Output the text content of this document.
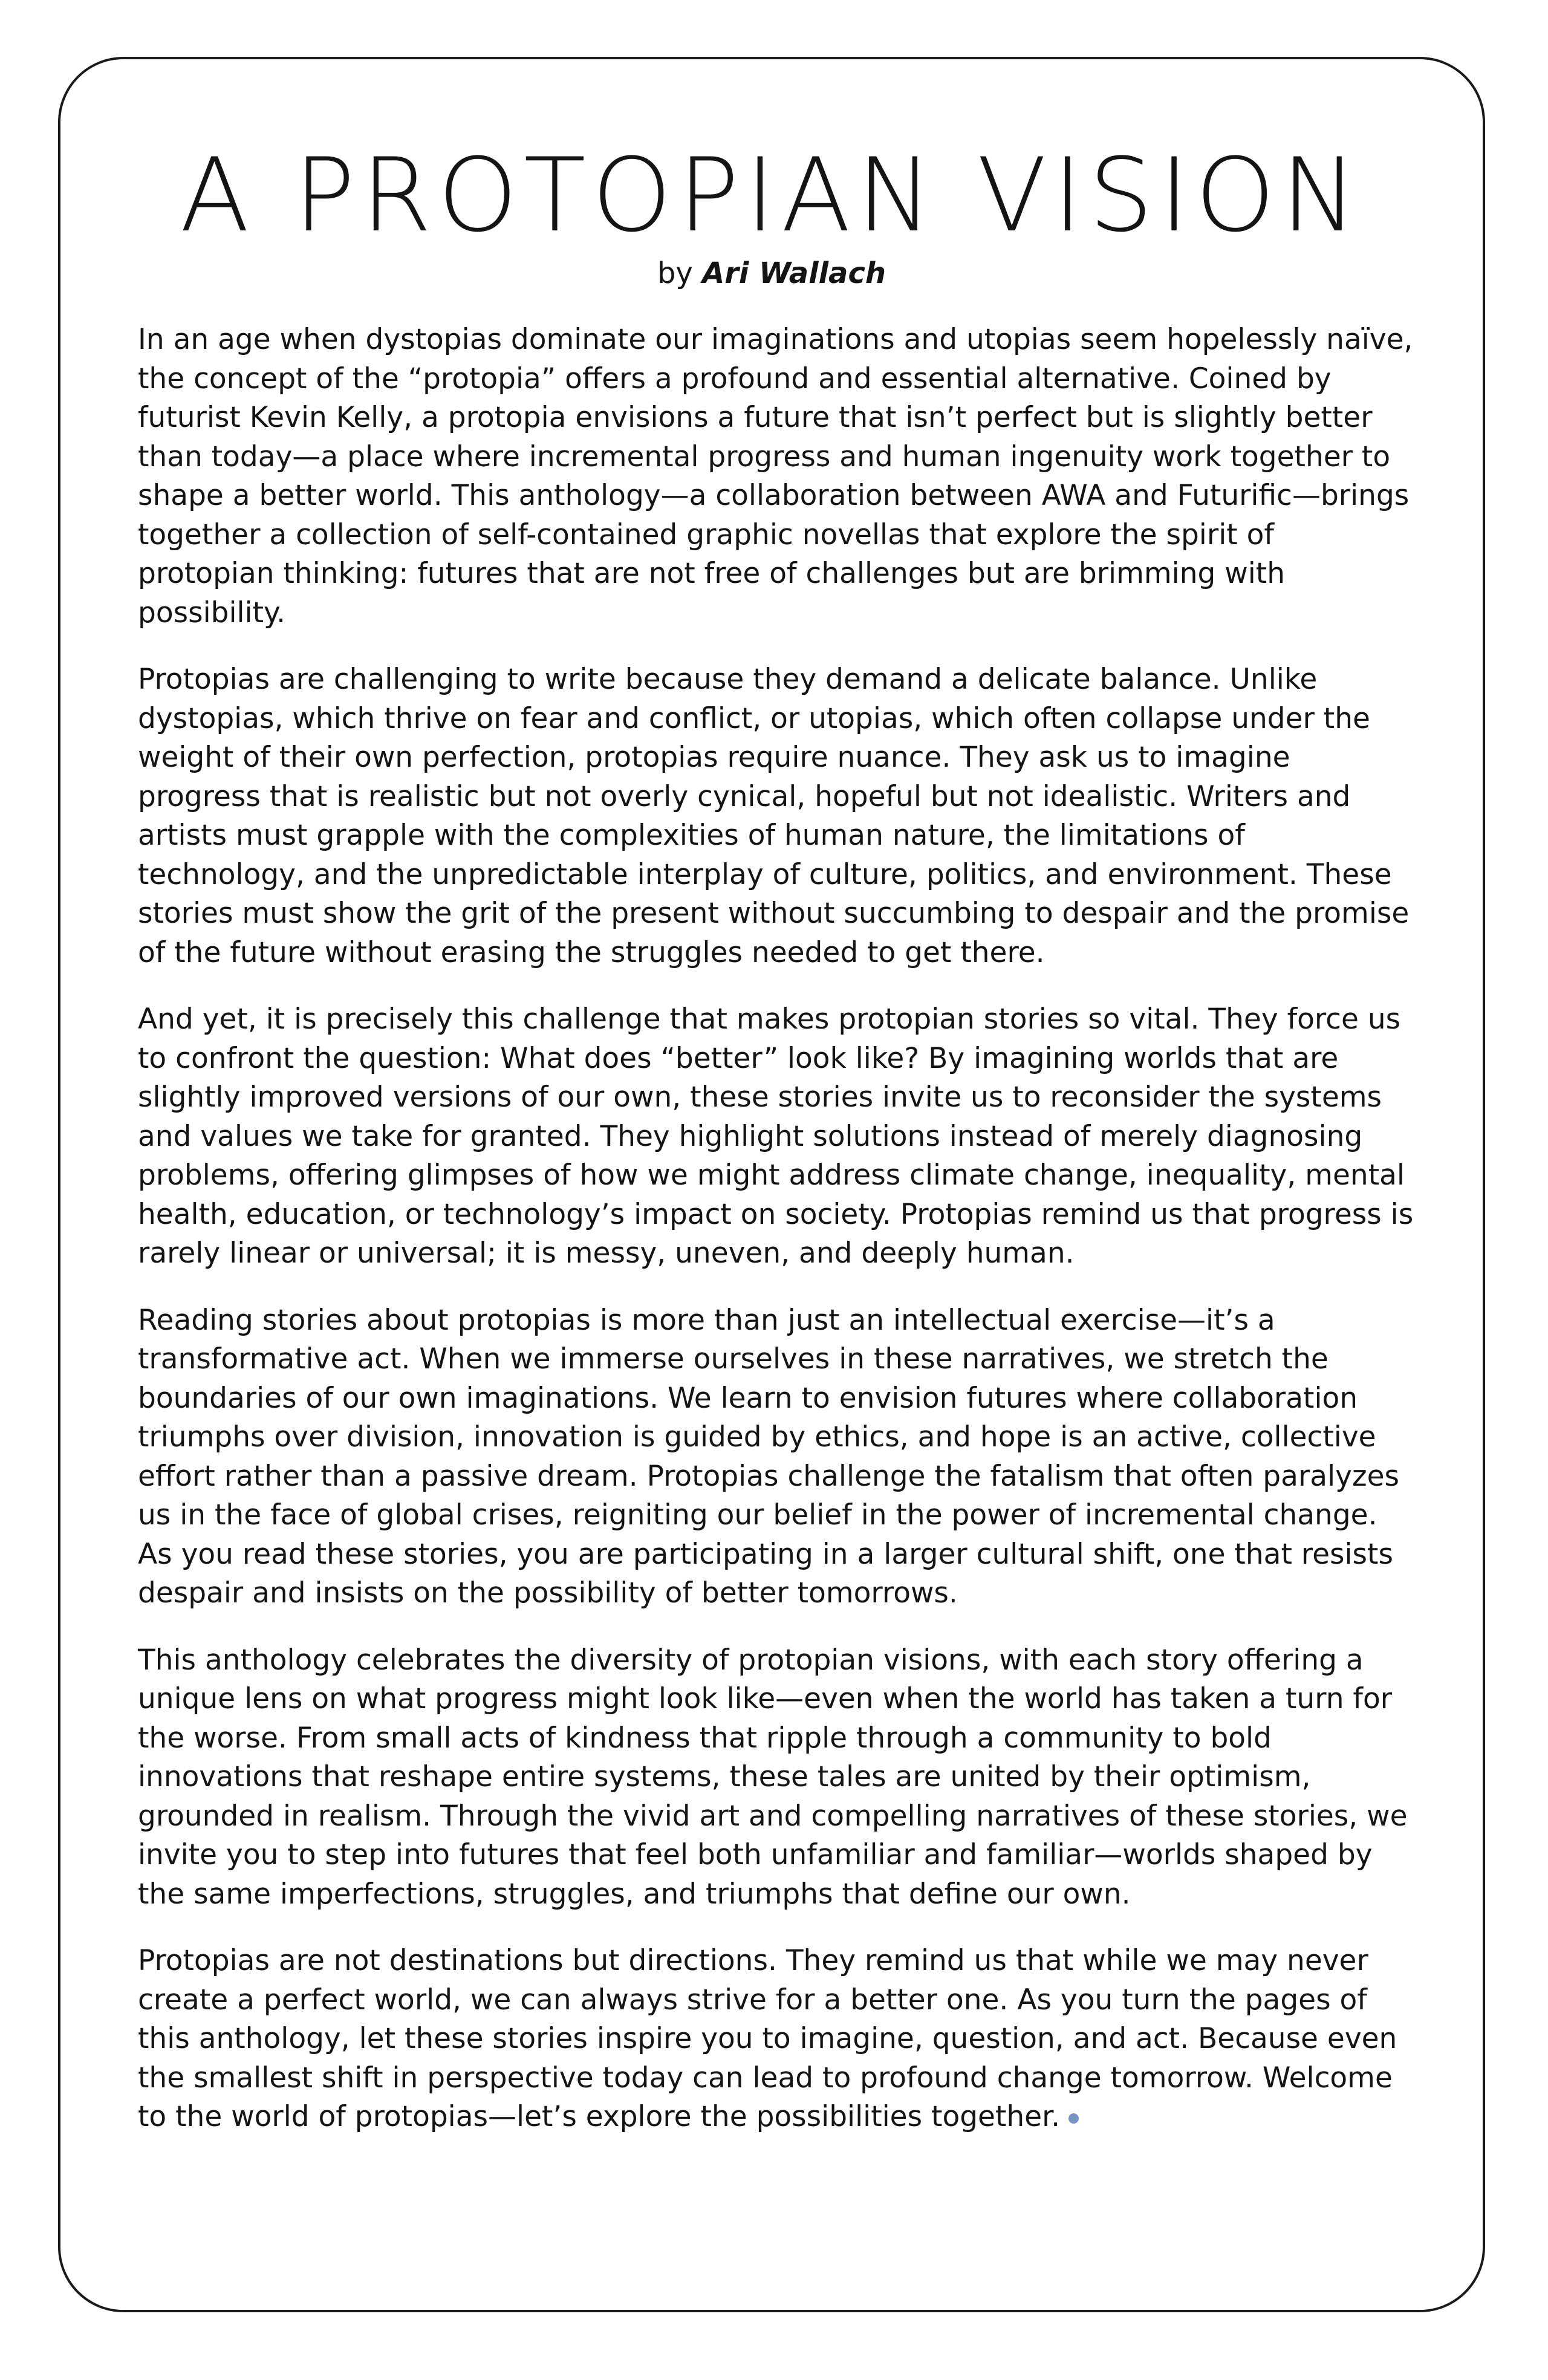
A PROTOPIAN VISION
by Ari Wallach

In an age when dystopias dominate our imaginations and utopias seem hopelessly naïve, the concept of the “protopia” offers a profound and essential alternative. Coined by futurist Kevin Kelly, a protopia envisions a future that isn’t perfect but is slightly better than today—a place where incremental progress and human ingenuity work together to shape a better world. This anthology—a collaboration between AWA and Futurific—brings together a collection of self-contained graphic novellas that explore the spirit of protopian thinking: futures that are not free of challenges but are brimming with possibility.

Protopias are challenging to write because they demand a delicate balance. Unlike dystopias, which thrive on fear and conflict, or utopias, which often collapse under the weight of their own perfection, protopias require nuance. They ask us to imagine progress that is realistic but not overly cynical, hopeful but not idealistic. Writers and artists must grapple with the complexities of human nature, the limitations of technology, and the unpredictable interplay of culture, politics, and environment. These stories must show the grit of the present without succumbing to despair and the promise of the future without erasing the struggles needed to get there.

And yet, it is precisely this challenge that makes protopian stories so vital. They force us to confront the question: What does “better” look like? By imagining worlds that are slightly improved versions of our own, these stories invite us to reconsider the systems and values we take for granted. They highlight solutions instead of merely diagnosing problems, offering glimpses of how we might address climate change, inequality, mental health, education, or technology’s impact on society. Protopias remind us that progress is rarely linear or universal; it is messy, uneven, and deeply human.

Reading stories about protopias is more than just an intellectual exercise—it’s a transformative act. When we immerse ourselves in these narratives, we stretch the boundaries of our own imaginations. We learn to envision futures where collaboration triumphs over division, innovation is guided by ethics, and hope is an active, collective effort rather than a passive dream. Protopias challenge the fatalism that often paralyzes us in the face of global crises, reigniting our belief in the power of incremental change. As you read these stories, you are participating in a larger cultural shift, one that resists despair and insists on the possibility of better tomorrows.

This anthology celebrates the diversity of protopian visions, with each story offering a unique lens on what progress might look like—even when the world has taken a turn for the worse. From small acts of kindness that ripple through a community to bold innovations that reshape entire systems, these tales are united by their optimism, grounded in realism. Through the vivid art and compelling narratives of these stories, we invite you to step into futures that feel both unfamiliar and familiar—worlds shaped by the same imperfections, struggles, and triumphs that define our own.

Protopias are not destinations but directions. They remind us that while we may never create a perfect world, we can always strive for a better one. As you turn the pages of this anthology, let these stories inspire you to imagine, question, and act. Because even the smallest shift in perspective today can lead to profound change tomorrow. Welcome to the world of protopias—let’s explore the possibilities together.
